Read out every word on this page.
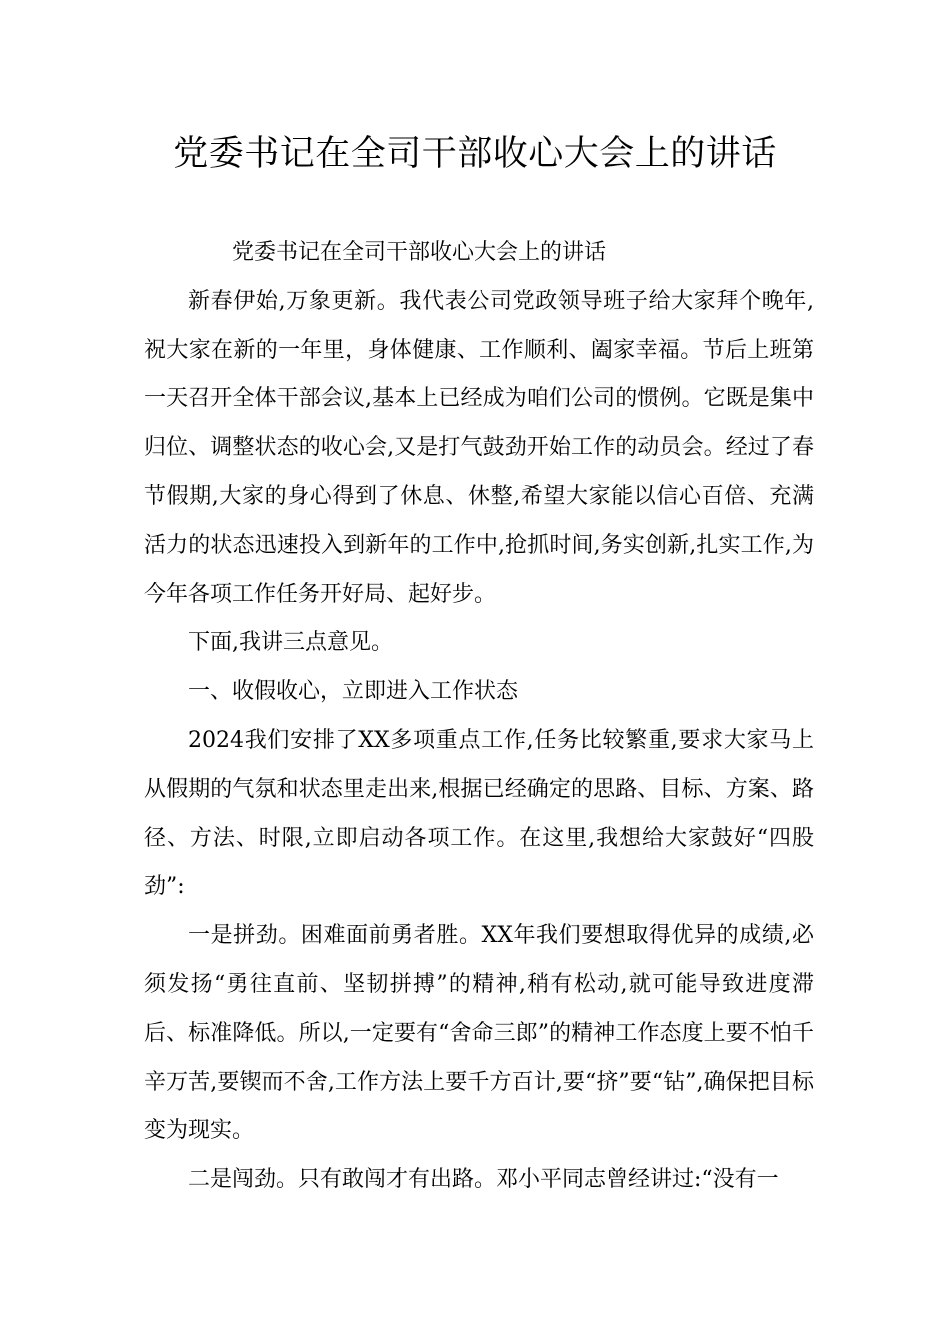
党委书记在全司干部收心大会上的讲话

党委书记在全司干部收心大会上的讲话

新春伊始,万象更新。我代表公司党政领导班子给大家拜个晚年,祝大家在新的一年里，身体健康、工作顺利、阖家幸福。节后上班第一天召开全体干部会议,基本上已经成为咱们公司的惯例。它既是集中归位、调整状态的收心会,又是打气鼓劲开始工作的动员会。经过了春节假期,大家的身心得到了休息、休整,希望大家能以信心百倍、充满活力的状态迅速投入到新年的工作中,抢抓时间,务实创新,扎实工作,为今年各项工作任务开好局、起好步。

下面,我讲三点意见。

一、收假收心，立即进入工作状态

2024我们安排了XX多项重点工作,任务比较繁重,要求大家马上从假期的气氛和状态里走出来,根据已经确定的思路、目标、方案、路径、方法、时限,立即启动各项工作。在这里,我想给大家鼓好“四股劲”:

一是拼劲。困难面前勇者胜。XX年我们要想取得优异的成绩,必须发扬“勇往直前、坚韧拼搏”的精神,稍有松动,就可能导致进度滞后、标准降低。所以,一定要有“舍命三郎”的精神工作态度上要不怕千辛万苦,要锲而不舍,工作方法上要千方百计,要“挤”要“钻”,确保把目标变为现实。

二是闯劲。只有敢闯才有出路。邓小平同志曾经讲过:“没有一
